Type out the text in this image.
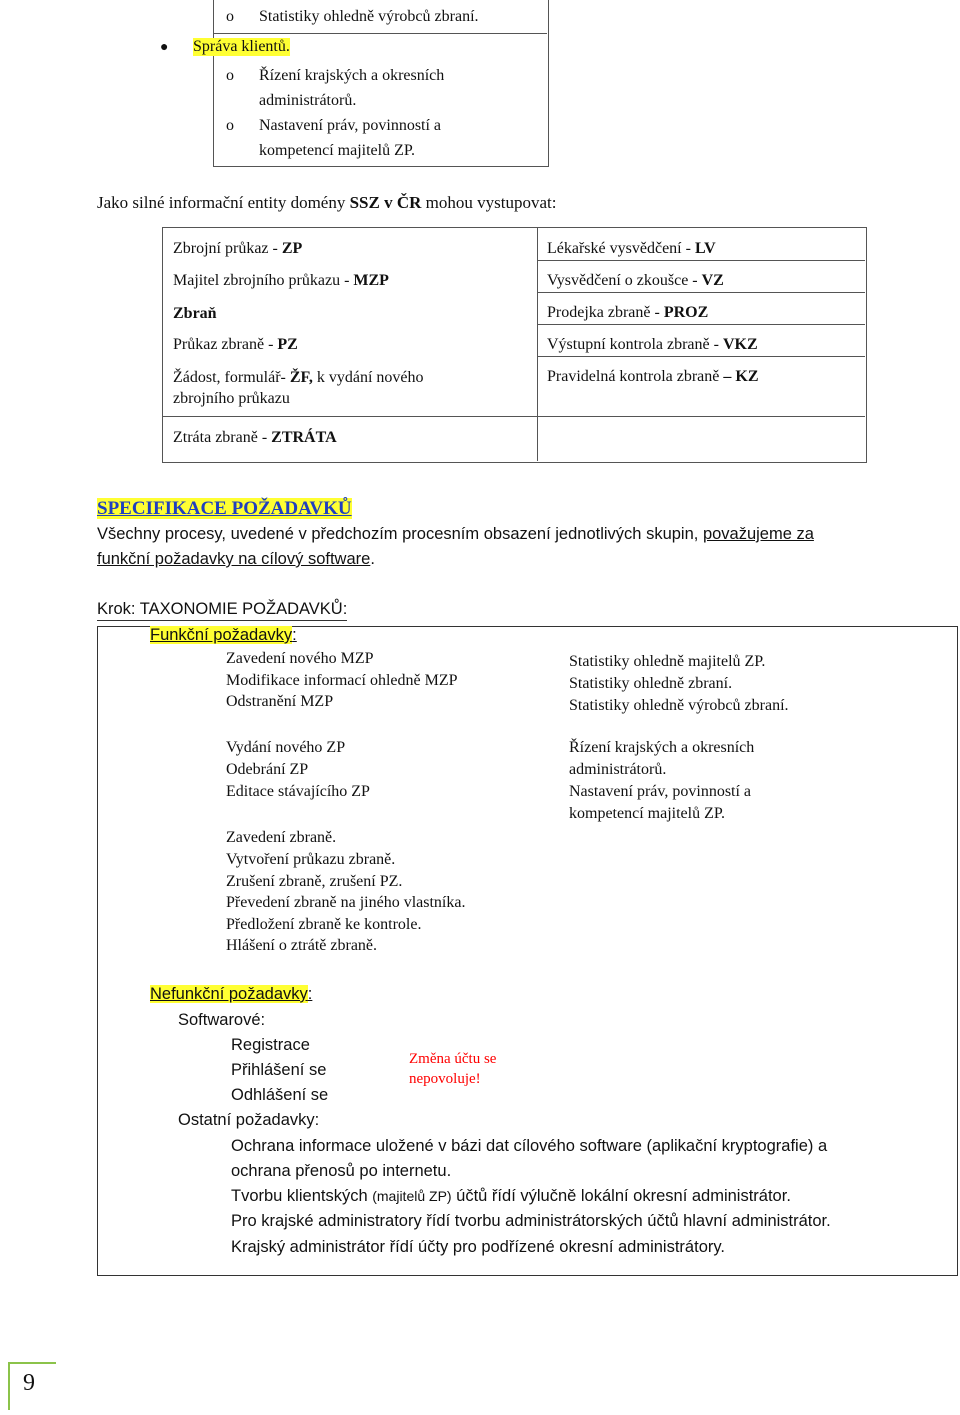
o Statistiky ohledně výrobců zbraní.
● Správa klientů.
o Řízení krajských a okresních
administrátorů.
o Nastavení práv, povinností a
kompetencí majitelů ZP.
Jako silné informační entity domény SSZ v ČR mohou vystupovat:
Zbrojní průkaz - ZP
Majitel zbrojního průkazu - MZP
Zbraň
Průkaz zbraně - PZ
Žádost, formulář- ŽF, k vydání nového
zbrojního průkazu
Ztráta zbraně - ZTRÁTA
Lékařské vysvědčení - LV
Vysvědčení o zkoušce - VZ
Prodejka zbraně - PROZ
Výstupní kontrola zbraně - VKZ
Pravidelná kontrola zbraně – KZ
SPECIFIKACE POŽADAVKŮ
Všechny procesy, uvedené v předchozím procesním obsazení jednotlivých skupin, považujeme za
funkční požadavky na cílový software.
Krok: TAXONOMIE POŽADAVKŮ:
Funkční požadavky:
Zavedení nového MZP
Modifikace informací ohledně MZP
Odstranění MZP
Vydání nového ZP
Odebrání ZP
Editace stávajícího ZP
Zavedení zbraně.
Vytvoření průkazu zbraně.
Zrušení zbraně, zrušení PZ.
Převedení zbraně na jiného vlastníka.
Předložení zbraně ke kontrole.
Hlášení o ztrátě zbraně.
Statistiky ohledně majitelů ZP.
Statistiky ohledně zbraní.
Statistiky ohledně výrobců zbraní.
Řízení krajských a okresních
administrátorů.
Nastavení práv, povinností a
kompetencí majitelů ZP.
Nefunkční požadavky:
Softwarové:
Registrace
Přihlášení se
Odhlášení se
Změna účtu se
nepovoluje!
Ostatní požadavky:
Ochrana informace uložené v bázi dat cílového software (aplikační kryptografie) a
ochrana přenosů po internetu.
Tvorbu klientských (majitelů ZP) účtů řídí výlučně lokální okresní administrátor.
Pro krajské administratory řídí tvorbu administrátorských účtů hlavní administrátor.
Krajský administrátor řídí účty pro podřízené okresní administrátory.
9
